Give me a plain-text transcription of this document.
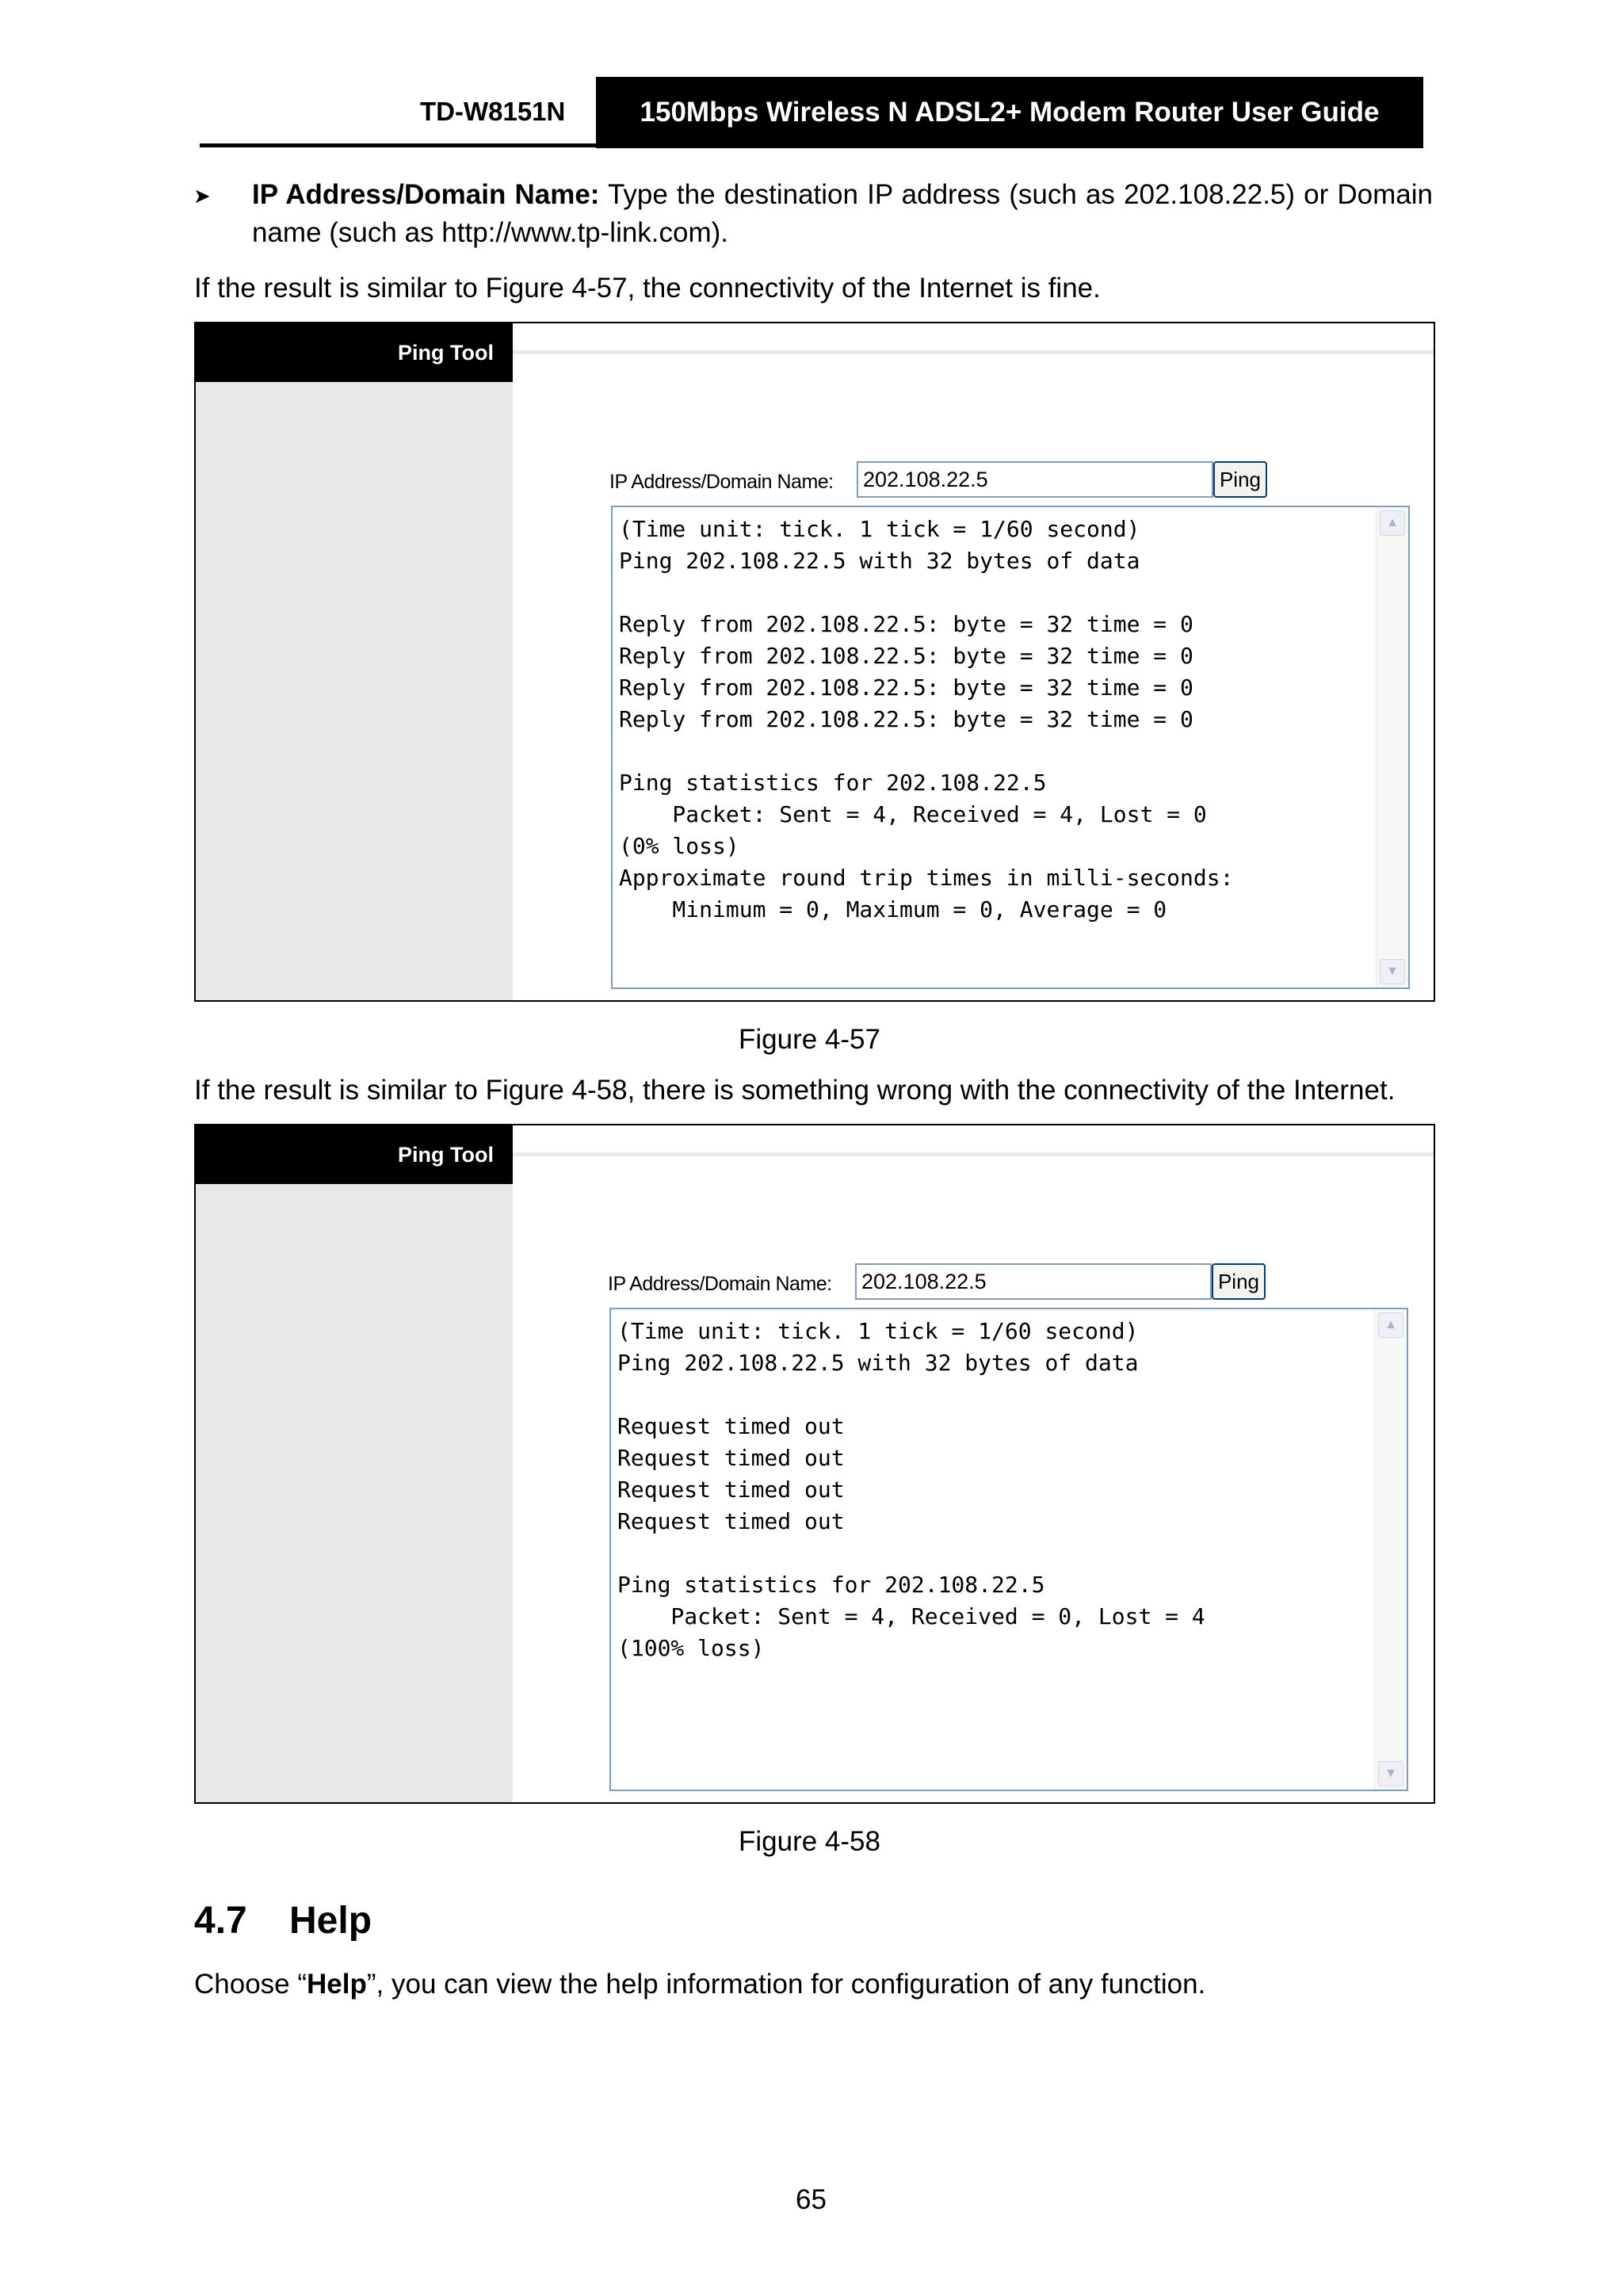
TD-W8151N	150Mbps Wireless N ADSL2+ Modem Router User Guide
➤ IP Address/Domain Name: Type the destination IP address (such as 202.108.22.5) or Domain name (such as http://www.tp-link.com).
If the result is similar to Figure 4-57, the connectivity of the Internet is fine.
Ping Tool
IP Address/Domain Name: 202.108.22.5	Ping
(Time unit: tick. 1 tick = 1/60 second)
Ping 202.108.22.5 with 32 bytes of data

Reply from 202.108.22.5: byte = 32 time = 0
Reply from 202.108.22.5: byte = 32 time = 0
Reply from 202.108.22.5: byte = 32 time = 0
Reply from 202.108.22.5: byte = 32 time = 0

Ping statistics for 202.108.22.5
Packet: Sent = 4, Received = 4, Lost = 0
(0% loss)
Approximate round trip times in milli-seconds:
Minimum = 0, Maximum = 0, Average = 0
▲
▼
Figure 4-57
If the result is similar to Figure 4-58, there is something wrong with the connectivity of the Internet.
Ping Tool
IP Address/Domain Name: 202.108.22.5	Ping
(Time unit: tick. 1 tick = 1/60 second)
Ping 202.108.22.5 with 32 bytes of data

Request timed out
Request timed out
Request timed out
Request timed out

Ping statistics for 202.108.22.5
Packet: Sent = 4, Received = 0, Lost = 4
(100% loss)
▲
▼
Figure 4-58
4.7 Help
Choose “Help”, you can view the help information for configuration of any function.
65
